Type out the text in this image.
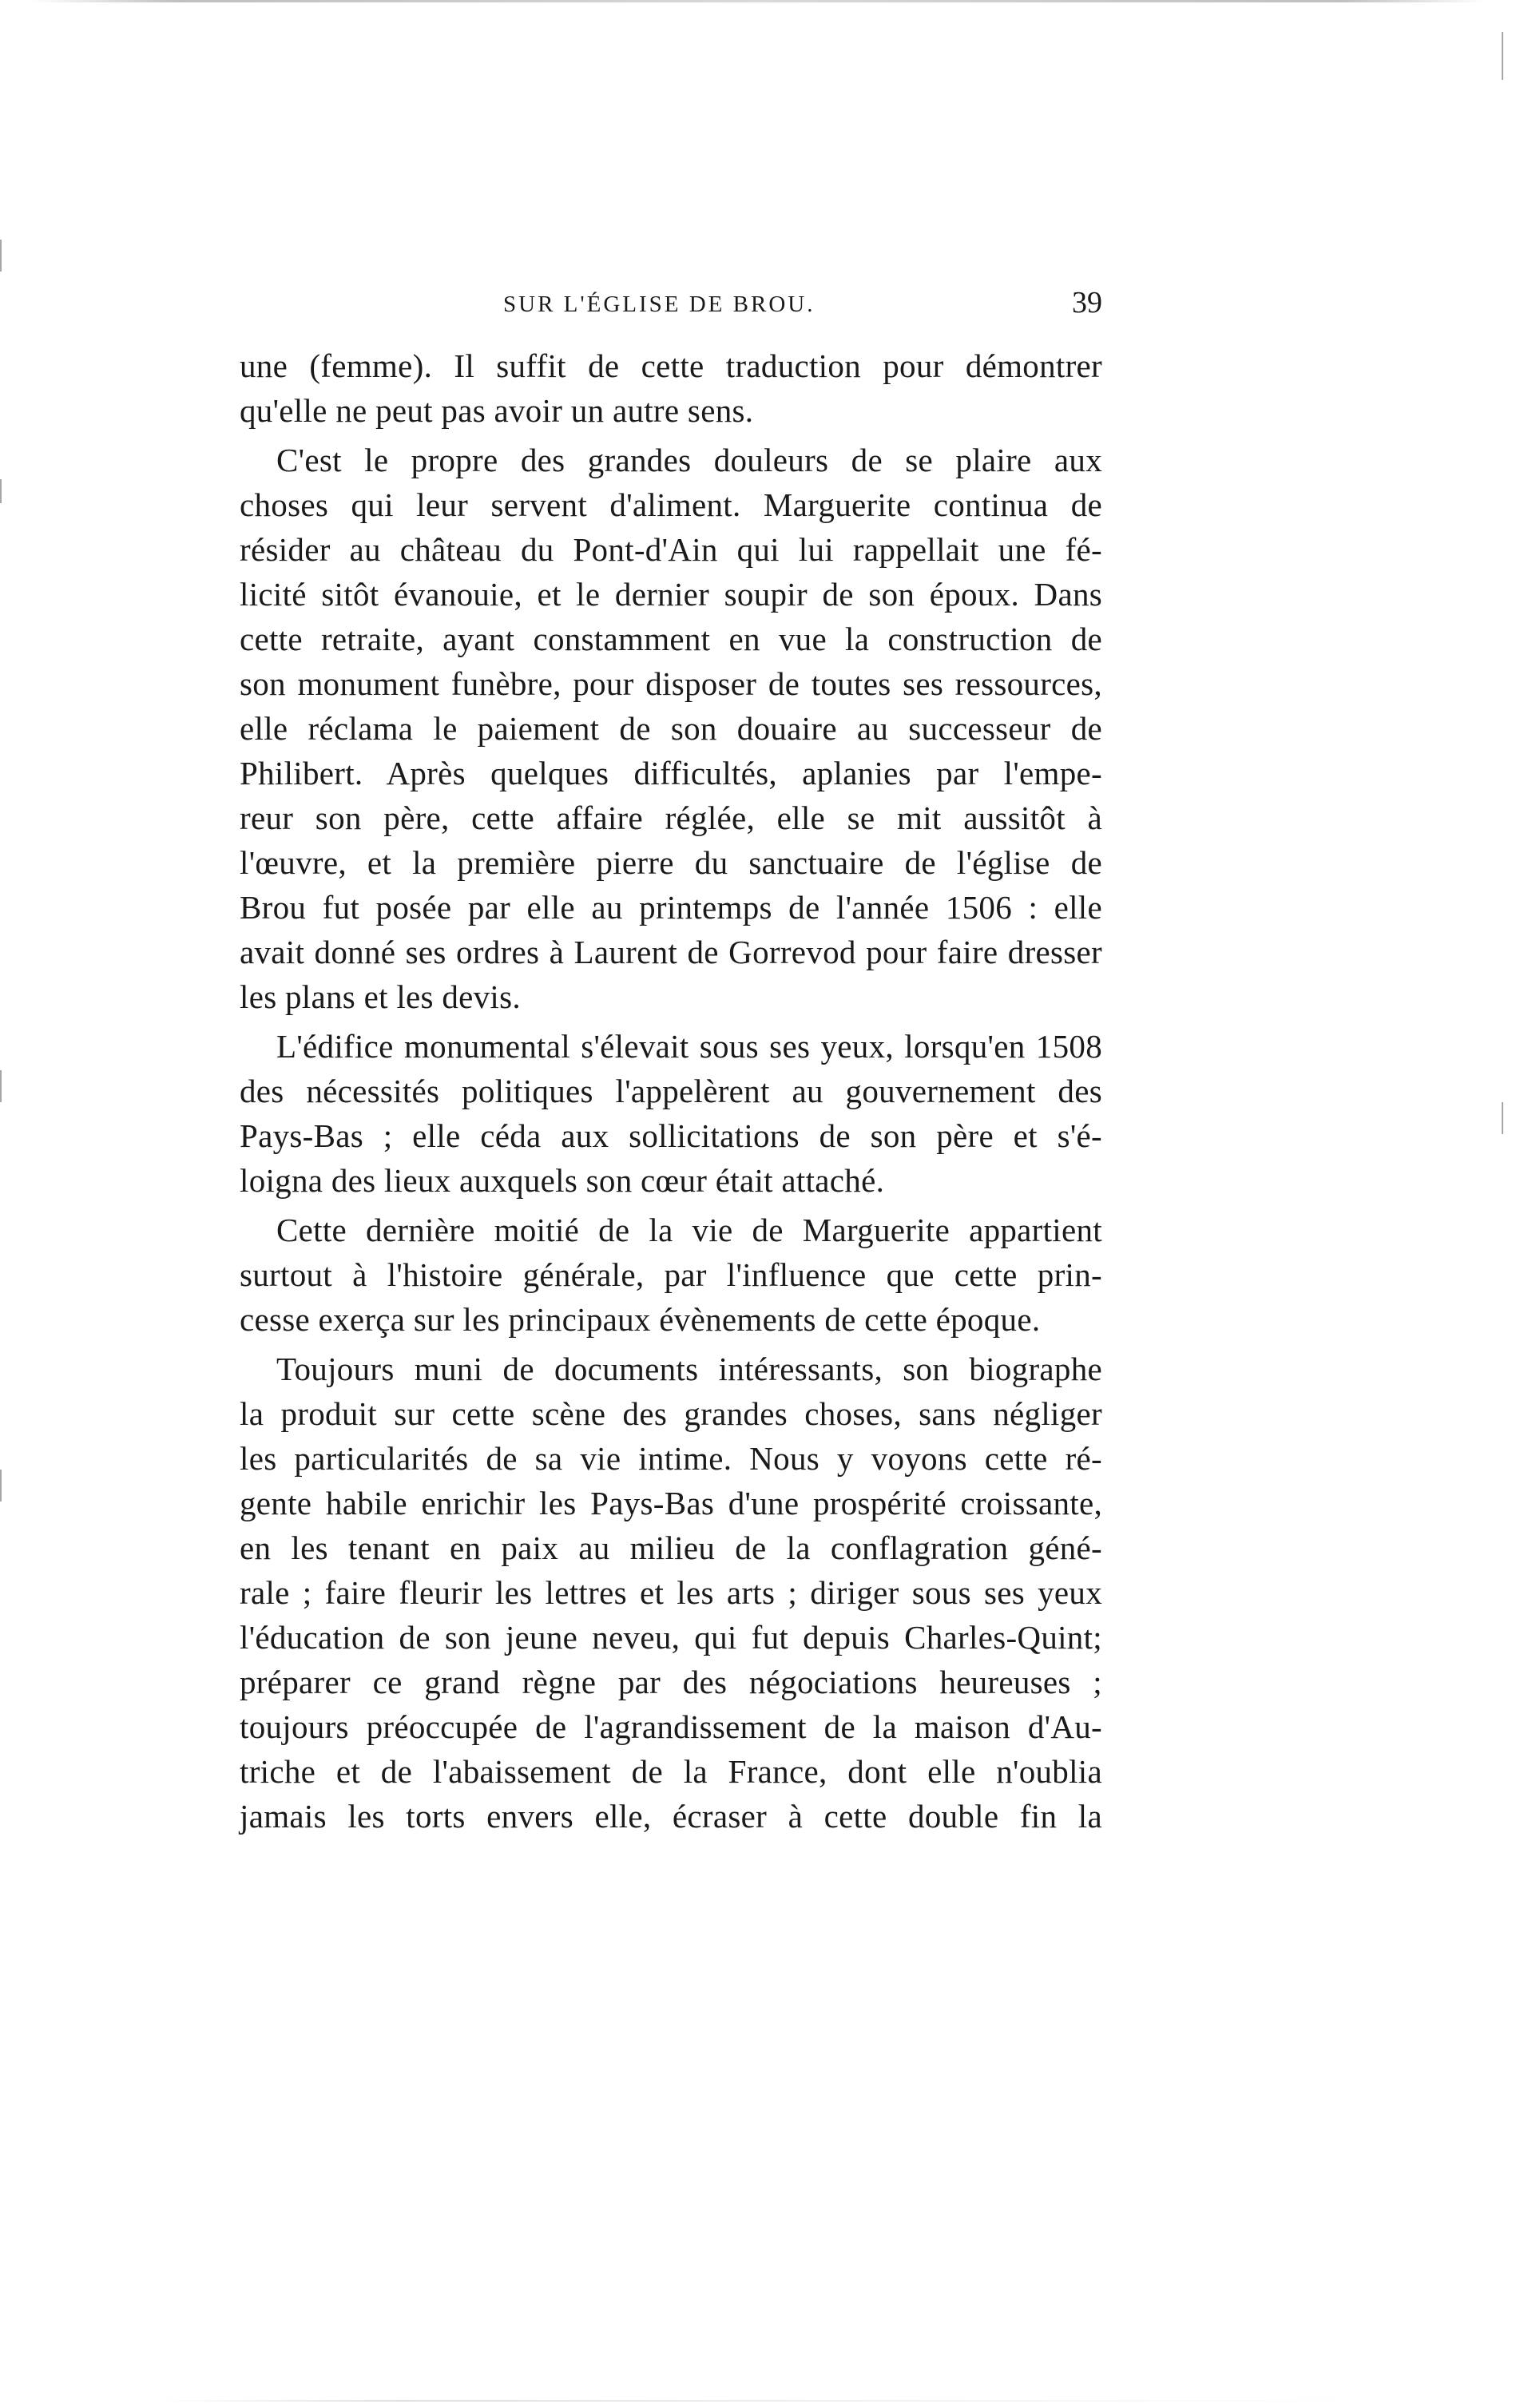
SUR L'ÉGLISE DE BROU.	39
une (femme). Il suffit de cette traduction pour démontrer
qu'elle ne peut pas avoir un autre sens.
C'est le propre des grandes douleurs de se plaire aux
choses qui leur servent d'aliment. Marguerite continua de
résider au château du Pont-d'Ain qui lui rappellait une fé-
licité sitôt évanouie, et le dernier soupir de son époux. Dans
cette retraite, ayant constamment en vue la construction de
son monument funèbre, pour disposer de toutes ses ressources,
elle réclama le paiement de son douaire au successeur de
Philibert. Après quelques difficultés, aplanies par l'empe-
reur son père, cette affaire réglée, elle se mit aussitôt à
l'œuvre, et la première pierre du sanctuaire de l'église de
Brou fut posée par elle au printemps de l'année 1506 : elle
avait donné ses ordres à Laurent de Gorrevod pour faire dresser
les plans et les devis.
L'édifice monumental s'élevait sous ses yeux, lorsqu'en 1508
des nécessités politiques l'appelèrent au gouvernement des
Pays-Bas ; elle céda aux sollicitations de son père et s'é-
loigna des lieux auxquels son cœur était attaché.
Cette dernière moitié de la vie de Marguerite appartient
surtout à l'histoire générale, par l'influence que cette prin-
cesse exerça sur les principaux évènements de cette époque.
Toujours muni de documents intéressants, son biographe
la produit sur cette scène des grandes choses, sans négliger
les particularités de sa vie intime. Nous y voyons cette ré-
gente habile enrichir les Pays-Bas d'une prospérité croissante,
en les tenant en paix au milieu de la conflagration géné-
rale ; faire fleurir les lettres et les arts ; diriger sous ses yeux
l'éducation de son jeune neveu, qui fut depuis Charles-Quint;
préparer ce grand règne par des négociations heureuses ;
toujours préoccupée de l'agrandissement de la maison d'Au-
triche et de l'abaissement de la France, dont elle n'oublia
jamais les torts envers elle, écraser à cette double fin la
